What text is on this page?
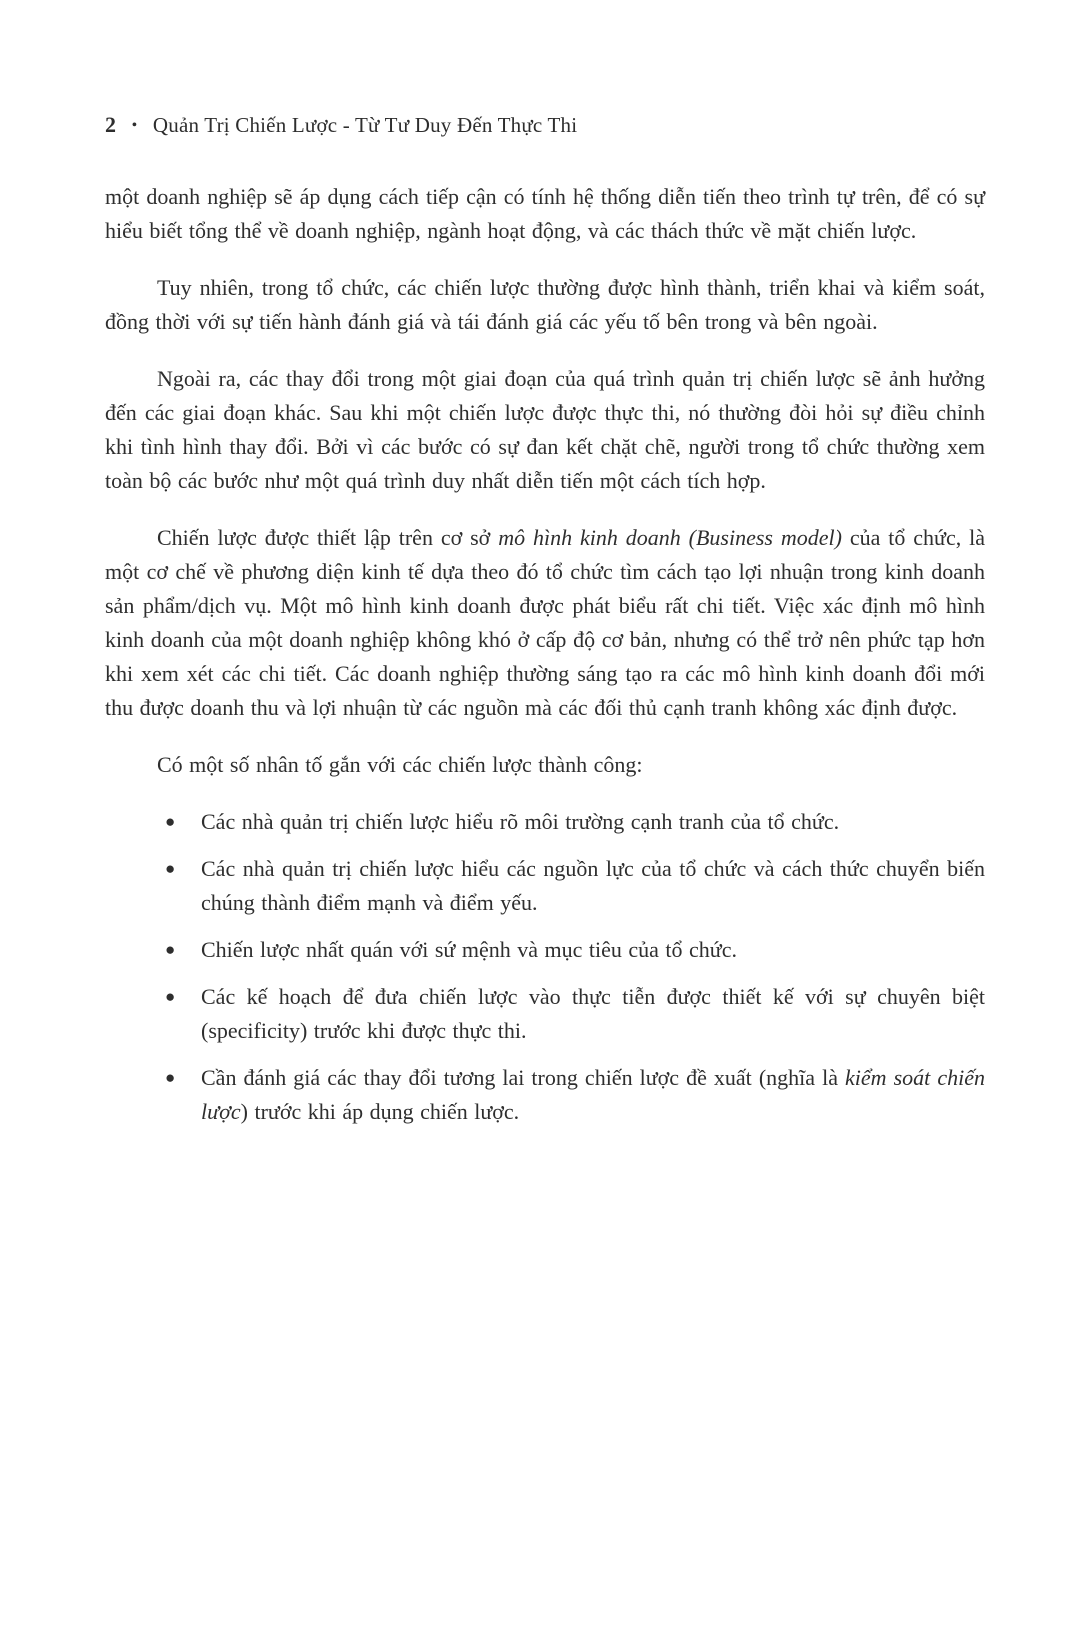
2 • Quản Trị Chiến Lược - Từ Tư Duy Đến Thực Thi

một doanh nghiệp sẽ áp dụng cách tiếp cận có tính hệ thống diễn tiến theo trình tự trên, để có sự hiểu biết tổng thể về doanh nghiệp, ngành hoạt động, và các thách thức về mặt chiến lược.

Tuy nhiên, trong tổ chức, các chiến lược thường được hình thành, triển khai và kiểm soát, đồng thời với sự tiến hành đánh giá và tái đánh giá các yếu tố bên trong và bên ngoài.

Ngoài ra, các thay đổi trong một giai đoạn của quá trình quản trị chiến lược sẽ ảnh hưởng đến các giai đoạn khác. Sau khi một chiến lược được thực thi, nó thường đòi hỏi sự điều chỉnh khi tình hình thay đổi. Bởi vì các bước có sự đan kết chặt chẽ, người trong tổ chức thường xem toàn bộ các bước như một quá trình duy nhất diễn tiến một cách tích hợp.

Chiến lược được thiết lập trên cơ sở mô hình kinh doanh (Business model) của tổ chức, là một cơ chế về phương diện kinh tế dựa theo đó tổ chức tìm cách tạo lợi nhuận trong kinh doanh sản phẩm/dịch vụ. Một mô hình kinh doanh được phát biểu rất chi tiết. Việc xác định mô hình kinh doanh của một doanh nghiệp không khó ở cấp độ cơ bản, nhưng có thể trở nên phức tạp hơn khi xem xét các chi tiết. Các doanh nghiệp thường sáng tạo ra các mô hình kinh doanh đổi mới thu được doanh thu và lợi nhuận từ các nguồn mà các đối thủ cạnh tranh không xác định được.

Có một số nhân tố gắn với các chiến lược thành công:

●	Các nhà quản trị chiến lược hiểu rõ môi trường cạnh tranh của tổ chức.
●	Các nhà quản trị chiến lược hiểu các nguồn lực của tổ chức và cách thức chuyển biến chúng thành điểm mạnh và điểm yếu.
●	Chiến lược nhất quán với sứ mệnh và mục tiêu của tổ chức.
●	Các kế hoạch để đưa chiến lược vào thực tiễn được thiết kế với sự chuyên biệt (specificity) trước khi được thực thi.
●	Cần đánh giá các thay đổi tương lai trong chiến lược đề xuất (nghĩa là kiểm soát chiến lược) trước khi áp dụng chiến lược.
